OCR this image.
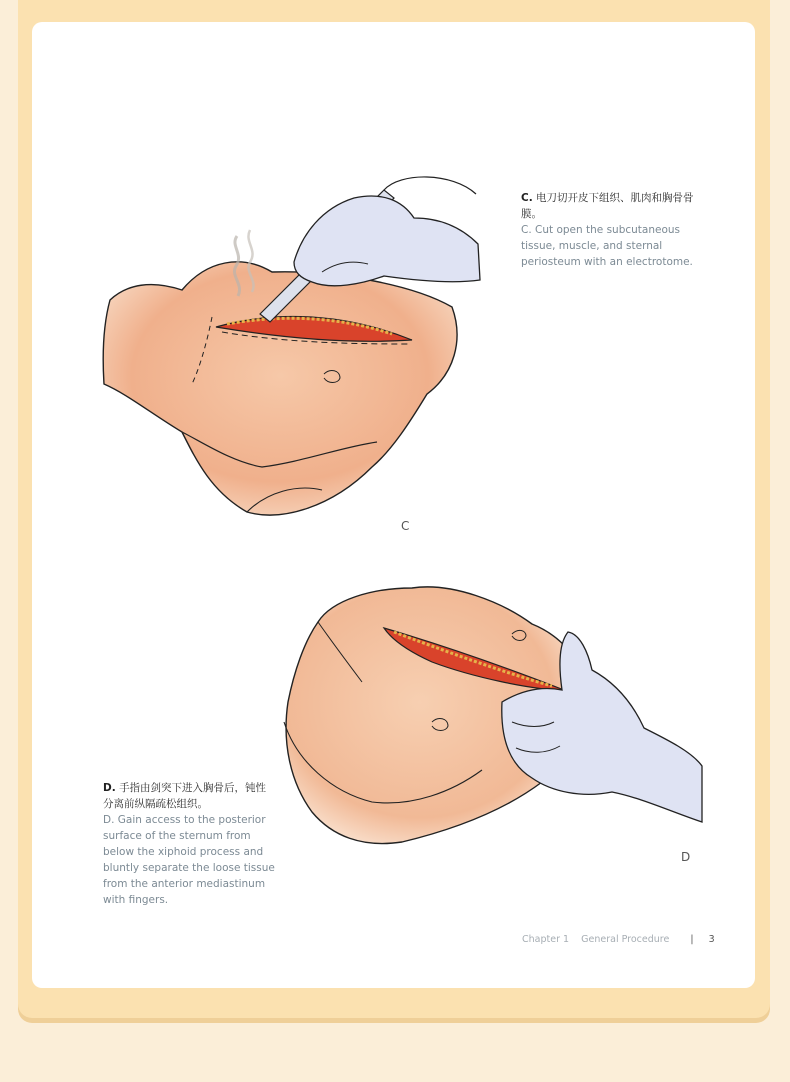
C. 电刀切开皮下组织、肌肉和胸骨骨膜。
C. Cut open the subcutaneous tissue, muscle, and sternal periosteum with an electrotome.
C
D. 手指由剑突下进入胸骨后，钝性分离前纵隔疏松组织。
D. Gain access to the posterior surface of the sternum from below the xiphoid process and bluntly separate the loose tissue from the anterior mediastinum with fingers.
D
Chapter 1 General Procedure | 3
